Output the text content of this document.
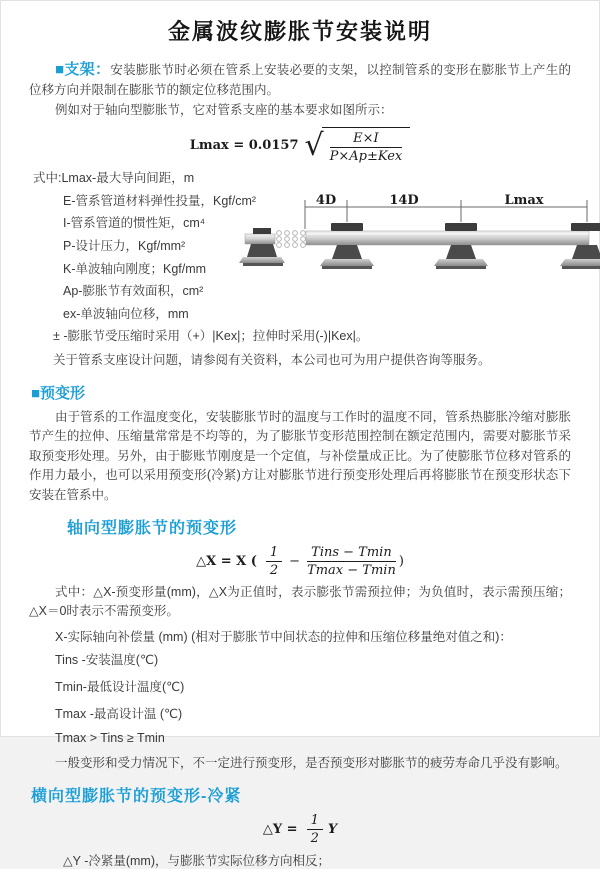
金属波纹膨胀节安装说明

■支架：安装膨胀节时必须在管系上安装必要的支架，以控制管系的变形在膨胀节上产生的位移方向并限制在膨胀节的额定位移范围内。

例如对于轴向型膨胀节，它对管系支座的基本要求如图所示：

Lmax = 0.0157 √ $\frac{E\times I}{\text{P×Ap±Kex}}$

式中:Lmax-最大导向间距，m

E-管系管道材料弹性投量，Kgf/cm²

I-管系管道的惯性矩，cm⁴

P-设计压力，Kgf/mm²

K-单波轴向刚度；Kgf/mm

Ap-膨胀节有效面积，cm²

ex-单波轴向位移，mm

± -膨胀节受压缩时采用（+）|Kex|；拉伸时采用(-)|Kex|。

4D	14D	Lmax

关于管系支座设计问题，请参阅有关资料，本公司也可为用户提供咨询等服务。

■预变形

由于管系的工作温度变化，安装膨胀节时的温度与工作时的温度不同，管系热膨胀冷缩对膨胀节产生的拉伸、压缩量常常是不均等的，为了膨胀节变形范围控制在额定范围内，需要对膨胀节采取预变形处理。另外，由于膨账节刚度是一个定值，与补偿量成正比。为了使膨胀节位移对管系的作用力最小，也可以采用预变形(冷紧)方让对膨胀节进行预变形处理后再将膨胀节在预变形状态下安装在管系中。

轴向型膨胀节的预变形
△X = X ( $\frac{1}{2} - \frac{\text{Tins − Tmin}}{Tmax - Tmin}$ )

式中：△X-预变形量(mm)，△X为正值时，表示膨张节需预拉伸；为负值时，表示需预压缩；△X＝0时表示不需预变形。

X-实际轴向补偿量 (mm) (相对于膨胀节中间状态的拉伸和压缩位移量绝对值之和)：

Tins -安装温度(℃)

Tmin-最低设计温度(℃)

Tmax -最高设计温 (℃)

Tmax > Tins ≥ Tmin

一般变形和受力情况下，不一定进行预变形，是否预变形对膨胀节的疲劳寿命几乎没有影响。

横向型膨胀节的预变形-冷紧
△Y = $\frac{1}{2}$ Y

△Y -冷紧量(mm)，与膨胀节实际位移方向相反；
